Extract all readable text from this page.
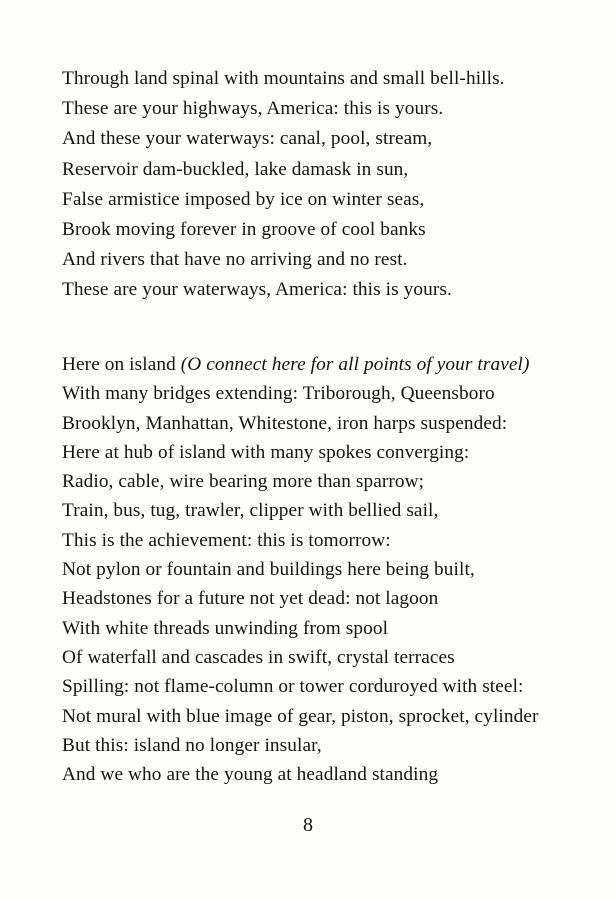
Through land spinal with mountains and small bell-hills.
These are your highways, America: this is yours.
And these your waterways: canal, pool, stream,
Reservoir dam-buckled, lake damask in sun,
False armistice imposed by ice on winter seas,
Brook moving forever in groove of cool banks
And rivers that have no arriving and no rest.
These are your waterways, America: this is yours.
Here on island (O connect here for all points of your travel)
With many bridges extending: Triborough, Queensboro
Brooklyn, Manhattan, Whitestone, iron harps suspended:
Here at hub of island with many spokes converging:
Radio, cable, wire bearing more than sparrow;
Train, bus, tug, trawler, clipper with bellied sail,
This is the achievement: this is tomorrow:
Not pylon or fountain and buildings here being built,
Headstones for a future not yet dead: not lagoon
With white threads unwinding from spool
Of waterfall and cascades in swift, crystal terraces
Spilling: not flame-column or tower corduroyed with steel:
Not mural with blue image of gear, piston, sprocket, cylinder
But this: island no longer insular,
And we who are the young at headland standing
8
